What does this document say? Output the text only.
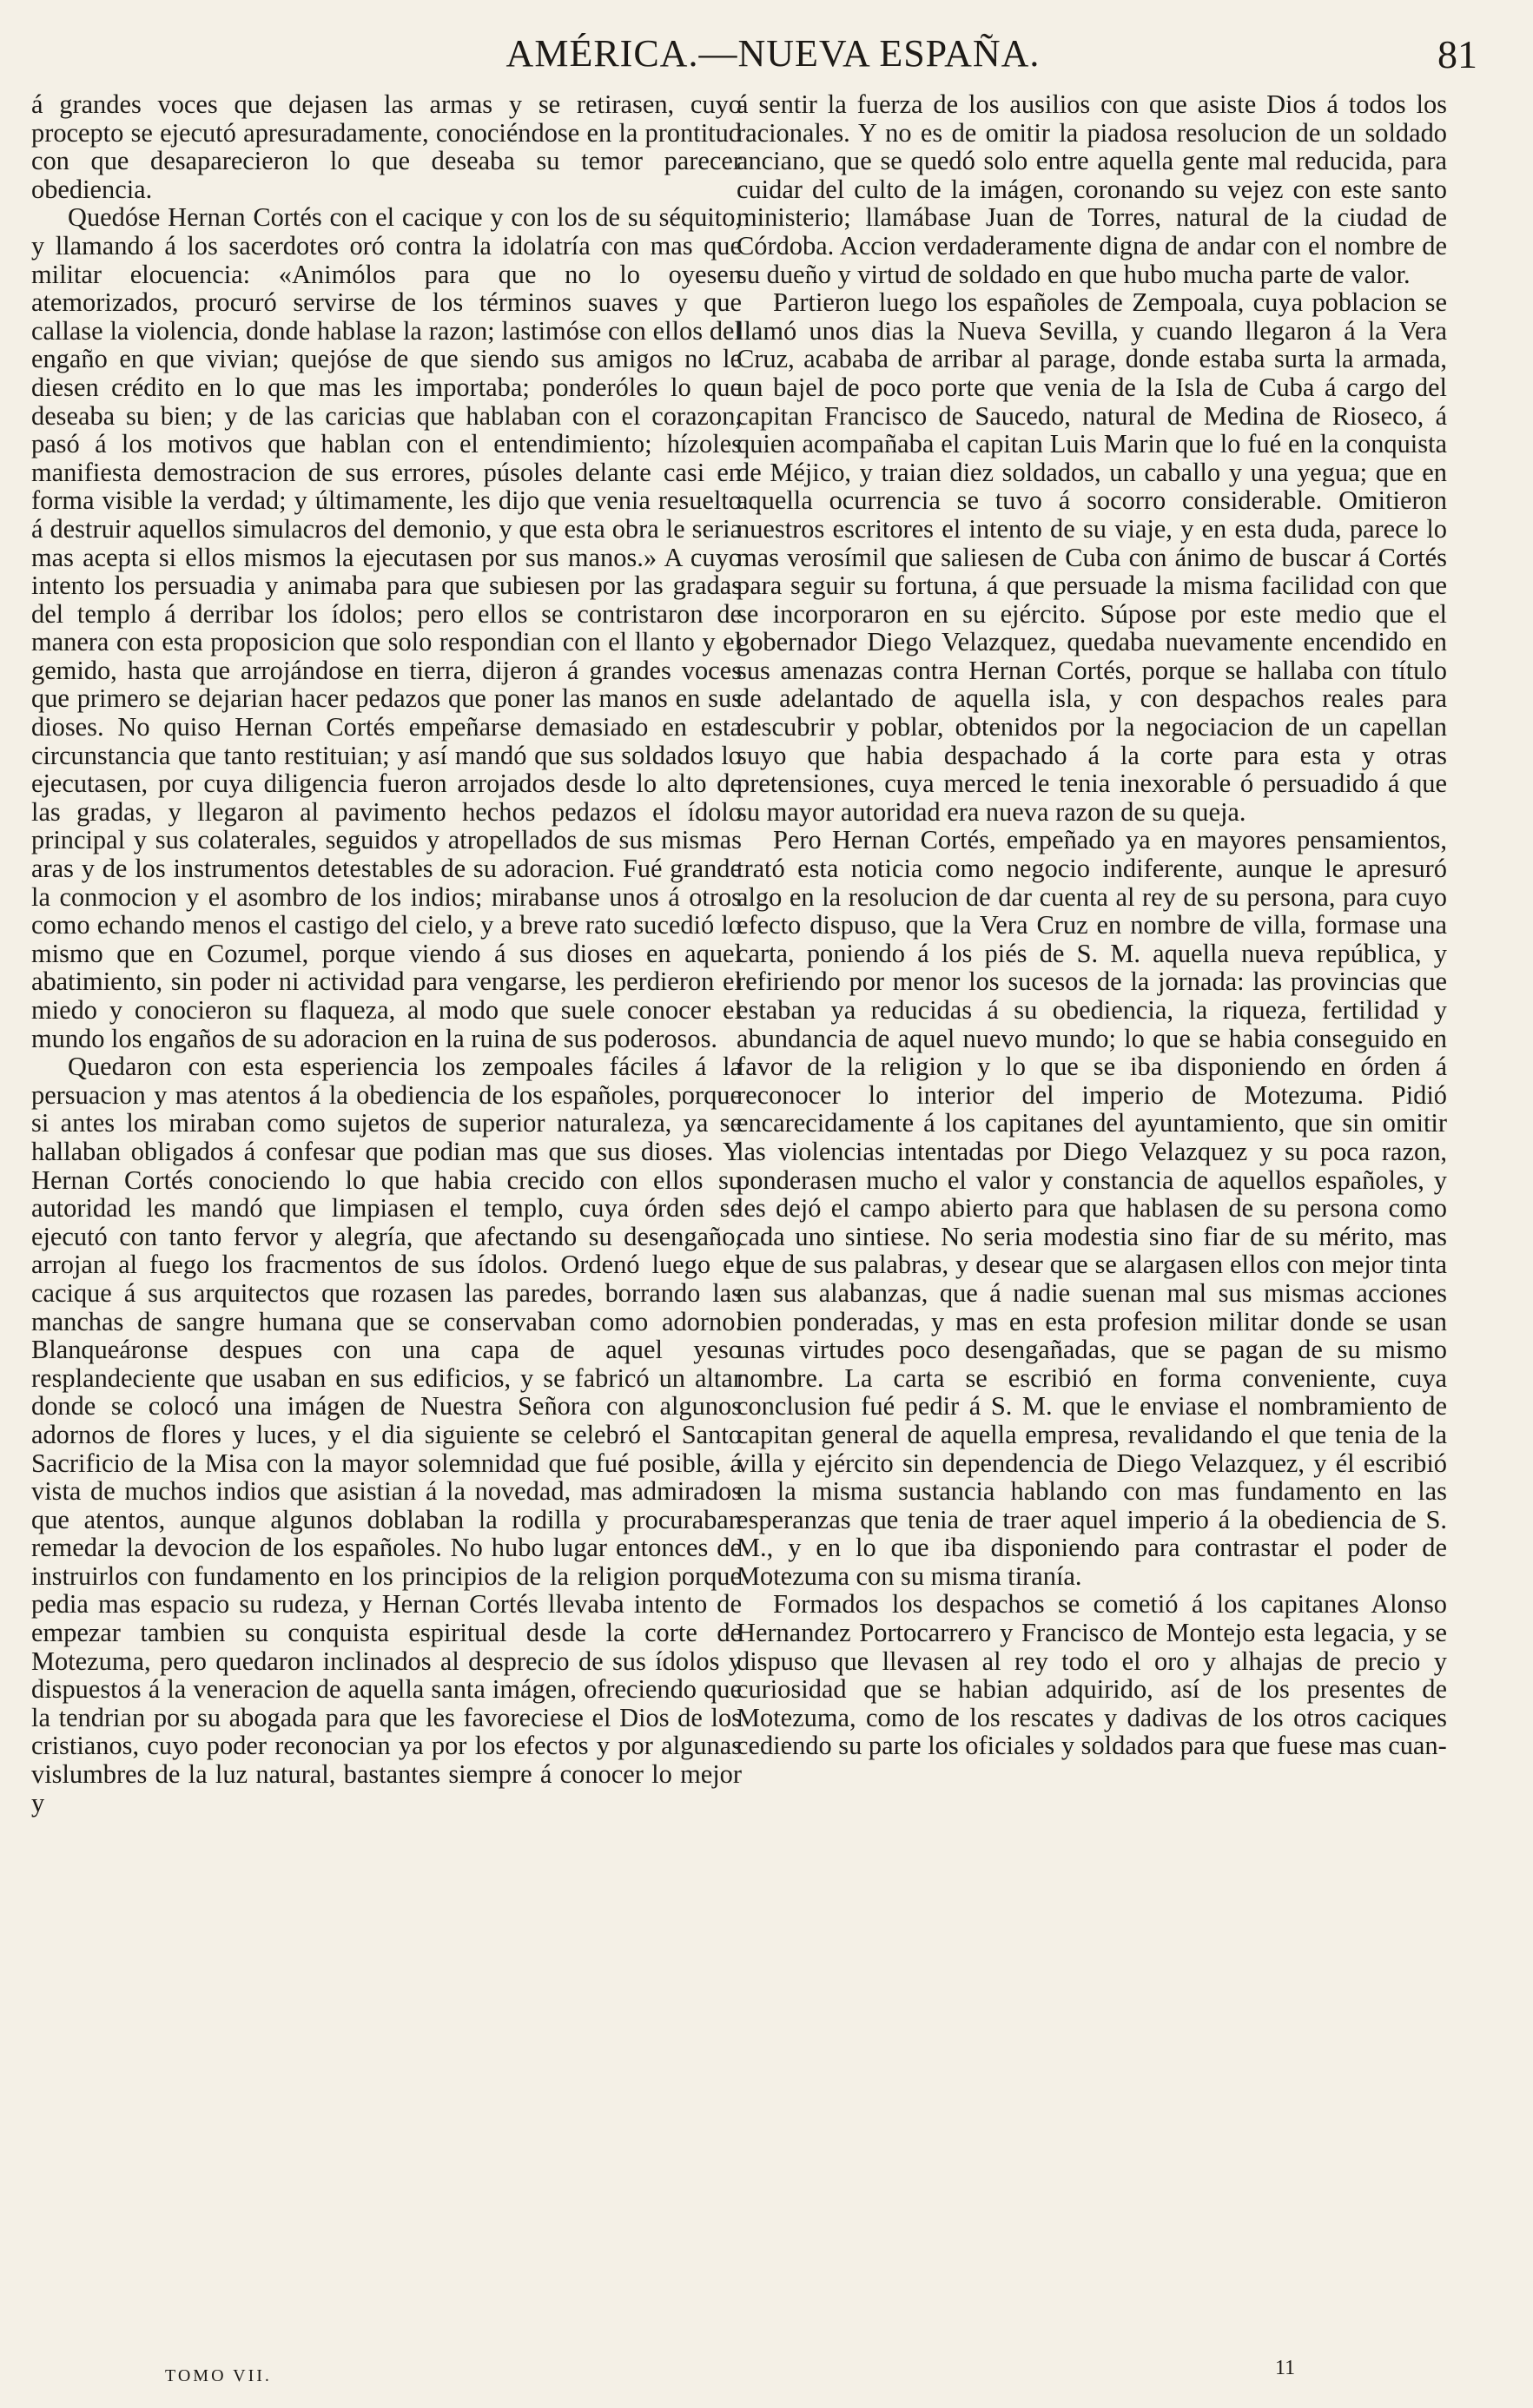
AMÉRICA.—NUEVA ESPAÑA.	81

á grandes voces que dejasen las armas y se retirasen, cuyo procepto se ejecutó apresuradamente, conociéndose en la prontitud con que desaparecieron lo que deseaba su temor parecer obediencia.

Quedóse Hernan Cortés con el cacique y con los de su séquito, y llamando á los sacerdotes oró contra la idolatría con mas que militar elocuencia: «Animólos para que no lo oyesen atemorizados, procuró servirse de los términos suaves y que callase la violencia, donde hablase la razon; lastimóse con ellos del engaño en que vivian; quejóse de que siendo sus amigos no le diesen crédito en lo que mas les importaba; ponderóles lo que deseaba su bien; y de las caricias que hablaban con el corazon, pasó á los motivos que hablan con el entendimiento; hízoles manifiesta demostracion de sus errores, púsoles delante casi en forma visible la verdad; y últimamente, les dijo que venia resuelto á destruir aquellos simulacros del demonio, y que esta obra le seria mas acepta si ellos mismos la ejecutasen por sus manos.» A cuyo intento los persuadia y animaba para que subiesen por las gradas del templo á derribar los ídolos; pero ellos se contristaron de manera con esta proposicion que solo respondian con el llanto y el gemido, hasta que arrojándose en tierra, dijeron á grandes voces que primero se dejarian hacer pedazos que poner las manos en sus dioses. No quiso Hernan Cortés empeñarse demasiado en esta circunstancia que tanto restituian; y así mandó que sus soldados lo ejecutasen, por cuya diligencia fueron arrojados desde lo alto de las gradas, y llegaron al pavimento hechos pedazos el ídolo principal y sus colaterales, seguidos y atropellados de sus mismas aras y de los instrumentos detestables de su adoracion. Fué grande la conmocion y el asombro de los indios; mirabanse unos á otros como echando menos el castigo del cielo, y a breve rato sucedió lo mismo que en Cozumel, porque viendo á sus dioses en aquel abatimiento, sin poder ni actividad para vengarse, les perdieron el miedo y conocieron su flaqueza, al modo que suele conocer el mundo los engaños de su adoracion en la ruina de sus poderosos.

Quedaron con esta esperiencia los zempoales fáciles á la persuacion y mas atentos á la obediencia de los españoles, porque si antes los miraban como sujetos de superior naturaleza, ya se hallaban obligados á confesar que podian mas que sus dioses. Y Hernan Cortés conociendo lo que habia crecido con ellos su autoridad les mandó que limpiasen el templo, cuya órden se ejecutó con tanto fervor y alegría, que afectando su desengaño, arrojan al fuego los fracmentos de sus ídolos. Ordenó luego el cacique á sus arquitectos que rozasen las paredes, borrando las manchas de sangre humana que se conservaban como adorno. Blanqueáronse despues con una capa de aquel yeso resplandeciente que usaban en sus edificios, y se fabricó un altar donde se colocó una imágen de Nuestra Señora con algunos adornos de flores y luces, y el dia siguiente se celebró el Santo Sacrificio de la Misa con la mayor solemnidad que fué posible, á vista de muchos indios que asistian á la novedad, mas admirados que atentos, aunque algunos doblaban la rodilla y procuraban remedar la devocion de los españoles. No hubo lugar entonces de instruirlos con fundamento en los principios de la religion porque pedia mas espacio su rudeza, y Hernan Cortés llevaba intento de empezar tambien su conquista espiritual desde la corte de Motezuma, pero quedaron inclinados al desprecio de sus ídolos y dispuestos á la veneracion de aquella santa imágen, ofreciendo que la tendrian por su abogada para que les favoreciese el Dios de los cristianos, cuyo poder reconocian ya por los efectos y por algunas vislumbres de la luz natural, bastantes siempre á conocer lo mejor y

á sentir la fuerza de los ausilios con que asiste Dios á todos los racionales. Y no es de omitir la piadosa resolucion de un soldado anciano, que se quedó solo entre aquella gente mal reducida, para cuidar del culto de la imágen, coronando su vejez con este santo ministerio; llamábase Juan de Torres, natural de la ciudad de Córdoba. Accion verdaderamente digna de andar con el nombre de su dueño y virtud de soldado en que hubo mucha parte de valor.

Partieron luego los españoles de Zempoala, cuya poblacion se llamó unos dias la Nueva Sevilla, y cuando llegaron á la Vera Cruz, acababa de arribar al parage, donde estaba surta la armada, un bajel de poco porte que venia de la Isla de Cuba á cargo del capitan Francisco de Saucedo, natural de Medina de Rioseco, á quien acompañaba el capitan Luis Marin que lo fué en la conquista de Méjico, y traian diez soldados, un caballo y una yegua; que en aquella ocurrencia se tuvo á socorro considerable. Omitieron nuestros escritores el intento de su viaje, y en esta duda, parece lo mas verosímil que saliesen de Cuba con ánimo de buscar á Cortés para seguir su fortuna, á que persuade la misma facilidad con que se incorporaron en su ejército. Súpose por este medio que el gobernador Diego Velazquez, quedaba nuevamente encendido en sus amenazas contra Hernan Cortés, porque se hallaba con título de adelantado de aquella isla, y con despachos reales para descubrir y poblar, obtenidos por la negociacion de un capellan suyo que habia despachado á la corte para esta y otras pretensiones, cuya merced le tenia inexorable ó persuadido á que su mayor autoridad era nueva razon de su queja.

Pero Hernan Cortés, empeñado ya en mayores pensamientos, trató esta noticia como negocio indiferente, aunque le apresuró algo en la resolucion de dar cuenta al rey de su persona, para cuyo efecto dispuso, que la Vera Cruz en nombre de villa, formase una carta, poniendo á los piés de S. M. aquella nueva república, y refiriendo por menor los sucesos de la jornada: las provincias que estaban ya reducidas á su obediencia, la riqueza, fertilidad y abundancia de aquel nuevo mundo; lo que se habia conseguido en favor de la religion y lo que se iba disponiendo en órden á reconocer lo interior del imperio de Motezuma. Pidió encarecidamente á los capitanes del ayuntamiento, que sin omitir las violencias intentadas por Diego Velazquez y su poca razon, ponderasen mucho el valor y constancia de aquellos españoles, y les dejó el campo abierto para que hablasen de su persona como cada uno sintiese. No seria modestia sino fiar de su mérito, mas que de sus palabras, y desear que se alargasen ellos con mejor tinta en sus alabanzas, que á nadie suenan mal sus mismas acciones bien ponderadas, y mas en esta profesion militar donde se usan unas virtudes poco desengañadas, que se pagan de su mismo nombre. La carta se escribió en forma conveniente, cuya conclusion fué pedir á S. M. que le enviase el nombramiento de capitan general de aquella empresa, revalidando el que tenia de la villa y ejército sin dependencia de Diego Velazquez, y él escribió en la misma sustancia hablando con mas fundamento en las esperanzas que tenia de traer aquel imperio á la obediencia de S. M., y en lo que iba disponiendo para contrastar el poder de Motezuma con su misma tiranía.

Formados los despachos se cometió á los capitanes Alonso Hernandez Portocarrero y Francisco de Montejo esta legacia, y se dispuso que llevasen al rey todo el oro y alhajas de precio y curiosidad que se habian adquirido, así de los presentes de Motezuma, como de los rescates y dadivas de los otros caciques cediendo su parte los oficiales y soldados para que fuese mas cuan-

TOMO VII.	11
